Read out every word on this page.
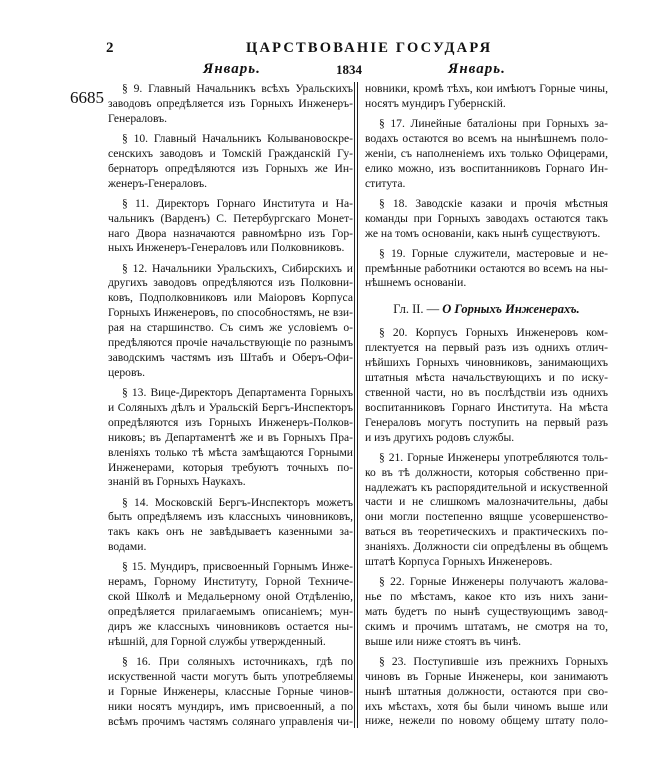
2	ЦАРСТВОВАНІЕ ГОСУДАРЯ
Январь.	1834	Январь.
6685	§ 9. Главный Начальникъ всѣхъ Уральскихъ
заводовъ опредѣляется изъ Горныхъ Инженеръ-
Генераловъ.
§ 10. Главный Начальникъ Колывановоскре-
сенскихъ заводовъ и Томскій Гражданскій Гу-
бернаторъ опредѣляются изъ Горныхъ же Ин-
женеръ-Генераловъ.
§ 11. Директоръ Горнаго Института и На-
чальникъ (Варденъ) С. Петербургскаго Монет-
наго Двора назначаются равномѣрно изъ Гор-
ныхъ Инженеръ-Генераловъ или Полковниковъ.
§ 12. Начальники Уральскихъ, Сибирскихъ и
другихъ заводовъ опредѣляются изъ Полковни-
ковъ, Подполковниковъ или Маіоровъ Корпуса
Горныхъ Инженеровъ, по способностямъ, не взи-
рая на старшинство. Съ симъ же условіемъ о-
предѣляются прочіе начальствующіе по разнымъ
заводскимъ частямъ изъ Штабъ и Оберъ-Офи-
церовъ.
§ 13. Вице-Директоръ Департамента Горныхъ
и Соляныхъ дѣлъ и Уральскій Бергъ-Инспекторъ
опредѣляются изъ Горныхъ Инженеръ-Полков-
никовъ; въ Департаментѣ же и въ Горныхъ Пра-
вленіяхъ только тѣ мѣста замѣщаются Горными
Инженерами, которыя требуютъ точныхъ по-
знаній въ Горныхъ Наукахъ.
§ 14. Московскій Бергъ-Инспекторъ можетъ
быть опредѣляемъ изъ классныхъ чиновниковъ,
такъ какъ онъ не завѣдываетъ казенными за-
водами.
§ 15. Мундиръ, присвоенный Горнымъ Инже-
нерамъ, Горному Институту, Горной Техниче-
ской Школѣ и Медальерному оной Отдѣленію,
опредѣляется прилагаемымъ описаніемъ; мун-
диръ же классныхъ чиновниковъ остается ны-
нѣшній, для Горной службы утвержденный.
§ 16. При соляныхъ источникахъ, гдѣ по
искуственной части могутъ быть употребляемы
и Горные Инженеры, классные Горные чинов-
ники носятъ мундиръ, имъ присвоенный, а по
всѣмъ прочимъ частямъ солянаго управленія чи-
новники, кромѣ тѣхъ, кои имѣютъ Горные чины,
носятъ мундиръ Губернскій.
§ 17. Линейные баталіоны при Горныхъ за-
водахъ остаются во всемъ на нынѣшнемъ поло-
женіи, съ наполненіемъ ихъ только Офицерами,
елико можно, изъ воспитанниковъ Горнаго Ин-
ститута.
§ 18. Заводскіе казаки и прочія мѣстныя
команды при Горныхъ заводахъ остаются такъ
же на томъ основаніи, какъ нынѣ существуютъ.
§ 19. Горные служители, мастеровые и не-
премѣнные работники остаются во всемъ на ны-
нѣшнемъ основаніи.
Гл. II. — О Горныхъ Инженерахъ.
§ 20. Корпусъ Горныхъ Инженеровъ ком-
плектуется на первый разъ изъ однихъ отлич-
нѣйшихъ Горныхъ чиновниковъ, занимающихъ
штатныя мѣста начальствующихъ и по иску-
ственной части, но въ послѣдствіи изъ однихъ
воспитанниковъ Горнаго Института. На мѣста
Генераловъ могутъ поступить на первый разъ
и изъ другихъ родовъ службы.
§ 21. Горные Инженеры употребляются толь-
ко въ тѣ должности, которыя собственно при-
надлежатъ къ распорядительной и искуственной
части и не слишкомъ малозначительны, дабы
они могли постепенно вящше усовершенство-
ваться въ теоретическихъ и практическихъ по-
знаніяхъ. Должности сіи опредѣлены въ общемъ
штатѣ Корпуса Горныхъ Инженеровъ.
§ 22. Горные Инженеры получаютъ жалова-
нье по мѣстамъ, какое кто изъ нихъ зани-
мать будетъ по нынѣ существующимъ завод-
скимъ и прочимъ штатамъ, не смотря на то,
выше или ниже стоятъ въ чинѣ.
§ 23. Поступившіе изъ прежнихъ Горныхъ
чиновъ въ Горные Инженеры, кои занимаютъ
нынѣ штатныя должности, остаются при сво-
ихъ мѣстахъ, хотя бы были чиномъ выше или
ниже, нежели по новому общему штату поло-
